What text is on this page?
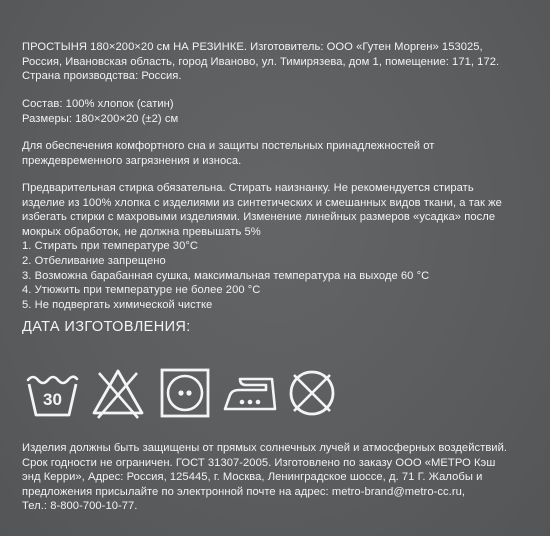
ПРОСТЫНЯ 180×200×20 см НА РЕЗИНКЕ. Изготовитель: ООО «Гутен Морген» 153025,

Россия, Ивановская область, город Иваново, ул. Тимирязева, дом 1, помещение: 171, 172.

Страна производства: Россия.

Состав: 100% хлопок (сатин)

Размеры: 180×200×20 (±2) см

Для обеспечения комфортного сна и защиты постельных принадлежностей от

преждевременного загрязнения и износа.

Предварительная стирка обязательна. Стирать наизнанку. Не рекомендуется стирать

изделие из 100% хлопка с изделиями из синтетических и смешанных видов ткани, а так же

избегать стирки с махровыми изделиями. Изменение линейных размеров «усадка» после

мокрых обработок, не должна превышать 5%

1. Стирать при температуре 30°С

2. Отбеливание запрещено

3. Возможна барабанная сушка, максимальная температура на выходе 60 °С

4. Утюжить при температуре не более 200 °С

5. Не подвергать химической чистке

ДАТА ИЗГОТОВЛЕНИЯ:
30

Изделия должны быть защищены от прямых солнечных лучей и атмосферных воздействий.

Срок годности не ограничен. ГОСТ 31307-2005. Изготовлено по заказу ООО «МЕТРО Кэш

энд Керри», Адрес: Россия, 125445, г. Москва, Ленинградское шоссе, д. 71 Г. Жалобы и

предложения присылайте по электронной почте на адрес: metro-brand@metro-cc.ru,

Тел.: 8-800-700-10-77.
